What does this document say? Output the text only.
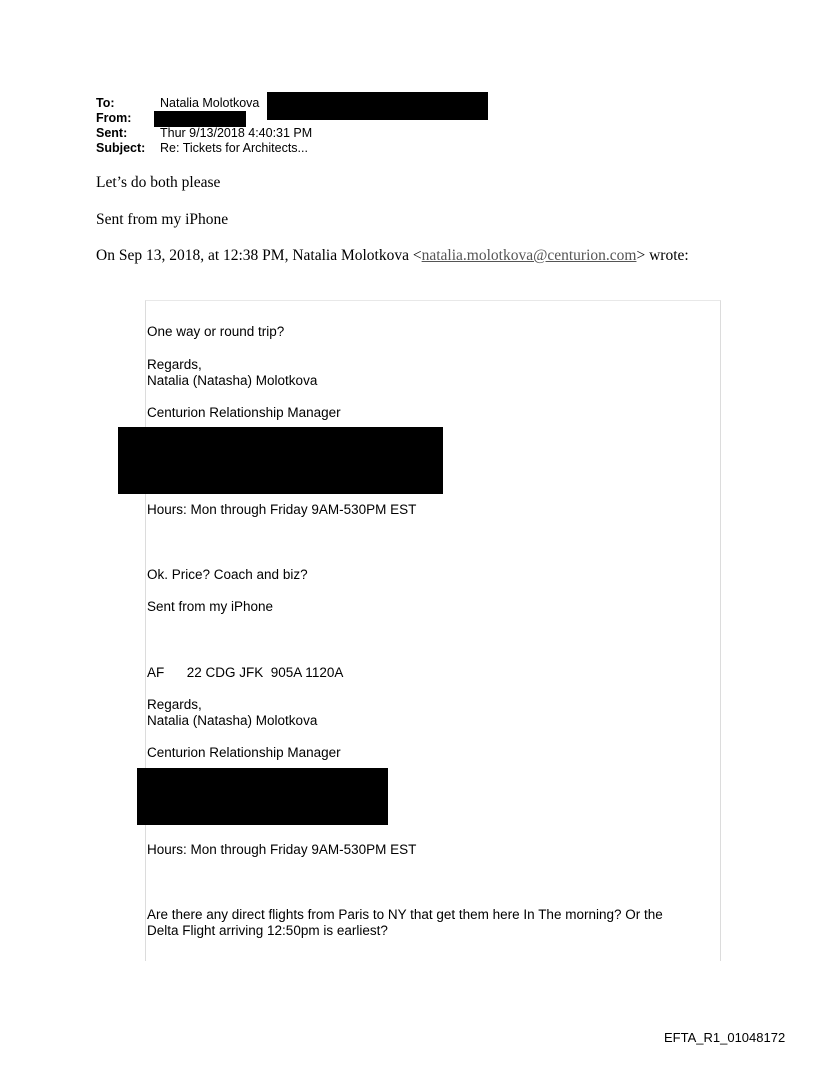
To:	Natalia Molotkova
From:
Sent:	Thur 9/13/2018 4:40:31 PM
Subject: Re: Tickets for Architects...
Let’s do both please
Sent from my iPhone
On Sep 13, 2018, at 12:38 PM, Natalia Molotkova <natalia.molotkova@centurion.com> wrote:
One way or round trip?
Regards,
Natalia (Natasha) Molotkova
Centurion Relationship Manager
Hours: Mon through Friday 9AM-530PM EST
Ok. Price? Coach and biz?
Sent from my iPhone
AF      22 CDG JFK  905A 1120A
Regards,
Natalia (Natasha) Molotkova
Centurion Relationship Manager
Hours: Mon through Friday 9AM-530PM EST
Are there any direct flights from Paris to NY that get them here In The morning? Or the
Delta Flight arriving 12:50pm is earliest?
EFTA_R1_01048172
